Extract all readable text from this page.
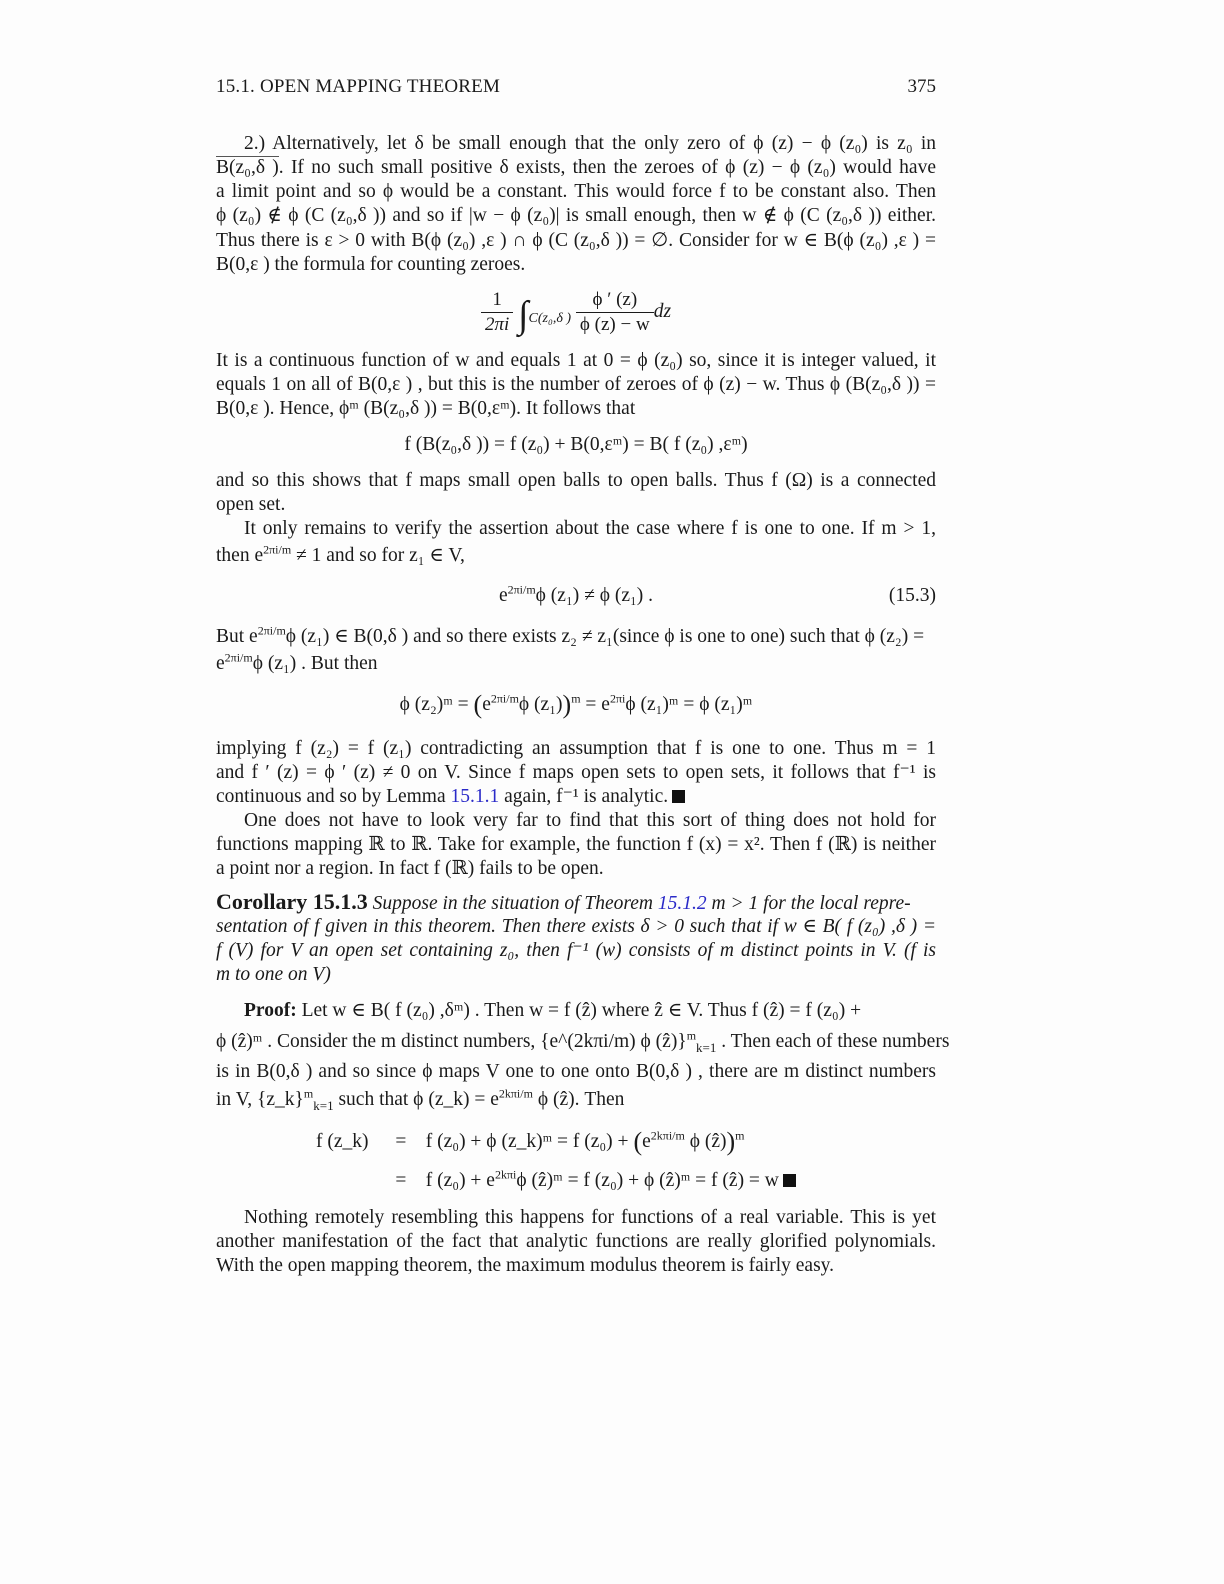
15.1. OPEN MAPPING THEOREM	375
2.) Alternatively, let δ be small enough that the only zero of ϕ (z) − ϕ (z₀) is z₀ in
B(z₀,δ ). If no such small positive δ exists, then the zeroes of ϕ (z) − ϕ (z₀) would have
a limit point and so ϕ would be a constant. This would force f to be constant also. Then
ϕ (z₀) ∉ ϕ (C (z₀,δ )) and so if |w − ϕ (z₀)| is small enough, then w ∉ ϕ (C (z₀,δ )) either.
Thus there is ε > 0 with B(ϕ (z₀) ,ε ) ∩ ϕ (C (z₀,δ )) = ∅. Consider for w ∈ B(ϕ (z₀) ,ε ) =
B(0,ε ) the formula for counting zeroes.
$\frac{1}{2\pi i} \int_{C(z_0,\delta )} \frac{\phi ' (z)}{\phi (z) - w}$ dz
It is a continuous function of w and equals 1 at 0 = ϕ (z₀) so, since it is integer valued, it
equals 1 on all of B(0,ε ) , but this is the number of zeroes of ϕ (z) − w. Thus ϕ (B(z₀,δ )) =
B(0,ε ). Hence, ϕᵐ (B(z₀,δ )) = B(0,εᵐ). It follows that
f (B(z₀,δ )) = f (z₀) + B(0,εᵐ) = B( f (z₀) ,εᵐ)
and so this shows that f maps small open balls to open balls. Thus f (Ω) is a connected
open set.
It only remains to verify the assertion about the case where f is one to one. If m > 1,
then $e^{2\pi i/m} \ne 1$ and so for z₁ ∈ V,
$e^{2\pi i/m}\phi$ (z₁) ≠ ϕ (z₁) .	(15.3)
But $e^{2\pi i/m}\phi$ (z₁) ∈ B(0,δ ) and so there exists z₂ ≠ z₁(since ϕ is one to one) such that ϕ (z₂) =
$e^{2\pi i/m}\phi$ (z₁) . But then
ϕ (z₂)ᵐ = ($e^{2\pi i/m}\phi$ $(z_1))^m = e^{2\pi i}\phi$ (z₁)ᵐ = ϕ (z₁)ᵐ
implying f (z₂) = f (z₁) contradicting an assumption that f is one to one. Thus m = 1
and f ′ (z) = ϕ ′ (z) ≠ 0 on V. Since f maps open sets to open sets, it follows that f⁻¹ is
continuous and so by Lemma 15.1.1 again, f⁻¹ is analytic.
One does not have to look very far to find that this sort of thing does not hold for
functions mapping ℝ to ℝ. Take for example, the function f (x) = x². Then f (ℝ) is neither
a point nor a region. In fact f (ℝ) fails to be open.
Corollary 15.1.3 Suppose in the situation of Theorem 15.1.2 m > 1 for the local repre-
sentation of f given in this theorem. Then there exists δ > 0 such that if w ∈ B( f (z₀) ,δ ) =
f (V) for V an open set containing z₀, then f⁻¹ (w) consists of m distinct points in V. (f is
m to one on V)
Proof: Let w ∈ B( f (z₀) ,δᵐ) . Then w = f (ẑ) where ẑ ∈ V. Thus f (ẑ) = f (z₀) +
ϕ (ẑ)ᵐ . Consider the m distinct numbers, {e^(2kπi/m) ϕ (ẑ)}$^m_{k=1}$ . Then each of these numbers
is in B(0,δ ) and so since ϕ maps V one to one onto B(0,δ ) , there are m distinct numbers
in V, {z_k}$^m_{k=1}$ such that ϕ (z_k) = $e^{2k\pi i/m}$ ϕ (ẑ). Then
f (z_k) = f (z₀) + ϕ (z_k)ᵐ = f $(z_0) + (e^{2k\pi i/m}$ ϕ (ẑ))$^m$
= f $(z_0) + e^{2k\pi i}\phi$ (ẑ)ᵐ = f (z₀) + ϕ (ẑ)ᵐ = f (ẑ) = w
Nothing remotely resembling this happens for functions of a real variable. This is yet
another manifestation of the fact that analytic functions are really glorified polynomials.
With the open mapping theorem, the maximum modulus theorem is fairly easy.
